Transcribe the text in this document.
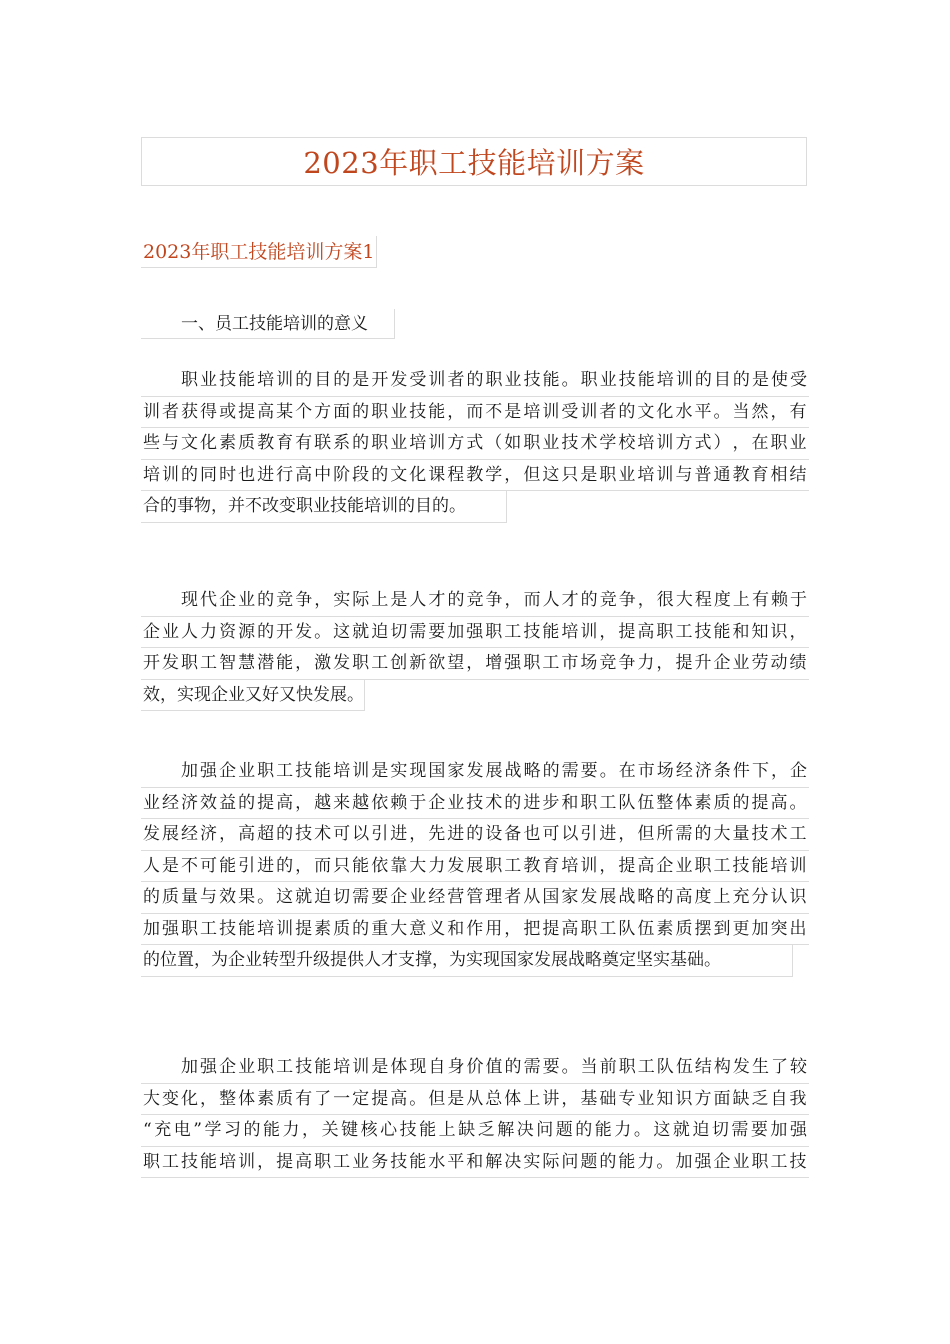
2023年职工技能培训方案
2023年职工技能培训方案1
一、员工技能培训的意义
职 业 技 能 培 训 的 目 的 是 开 发 受 训 者 的 职 业 技 能 。 职 业 技 能 培 训 的 目 的 是 使 受
训 者 获 得 或 提 高 某 个 方 面 的 职 业 技 能 ， 而 不 是 培 训 受 训 者 的 文 化 水 平 。 当 然 ， 有
些 与 文 化 素 质 教 育 有 联 系 的 职 业 培 训 方 式 （ 如 职 业 技 术 学 校 培 训 方 式 ） ， 在 职 业
培 训 的 同 时 也 进 行 高 中 阶 段 的 文 化 课 程 教 学 ， 但 这 只 是 职 业 培 训 与 普 通 教 育 相 结
合的事物，并不改变职业技能培训的目的。
现 代 企 业 的 竞 争 ， 实 际 上 是 人 才 的 竞 争 ， 而 人 才 的 竞 争 ， 很 大 程 度 上 有 赖 于
企 业 人 力 资 源 的 开 发 。 这 就 迫 切 需 要 加 强 职 工 技 能 培 训 ， 提 高 职 工 技 能 和 知 识 ，
开 发 职 工 智 慧 潜 能 ， 激 发 职 工 创 新 欲 望 ， 增 强 职 工 市 场 竞 争 力 ， 提 升 企 业 劳 动 绩
效，实现企业又好又快发展。
加 强 企 业 职 工 技 能 培 训 是 实 现 国 家 发 展 战 略 的 需 要 。 在 市 场 经 济 条 件 下 ， 企
业 经 济 效 益 的 提 高 ， 越 来 越 依 赖 于 企 业 技 术 的 进 步 和 职 工 队 伍 整 体 素 质 的 提 高 。
发 展 经 济 ， 高 超 的 技 术 可 以 引 进 ， 先 进 的 设 备 也 可 以 引 进 ， 但 所 需 的 大 量 技 术 工
人 是 不 可 能 引 进 的 ， 而 只 能 依 靠 大 力 发 展 职 工 教 育 培 训 ， 提 高 企 业 职 工 技 能 培 训
的 质 量 与 效 果 。 这 就 迫 切 需 要 企 业 经 营 管 理 者 从 国 家 发 展 战 略 的 高 度 上 充 分 认 识
加 强 职 工 技 能 培 训 提 素 质 的 重 大 意 义 和 作 用 ， 把 提 高 职 工 队 伍 素 质 摆 到 更 加 突 出
的位置，为企业转型升级提供人才支撑，为实现国家发展战略奠定坚实基础。
加 强 企 业 职 工 技 能 培 训 是 体 现 自 身 价 值 的 需 要 。 当 前 职 工 队 伍 结 构 发 生 了 较
大 变 化 ， 整 体 素 质 有 了 一 定 提 高 。 但 是 从 总 体 上 讲 ， 基 础 专 业 知 识 方 面 缺 乏 自 我
“ 充 电 ” 学 习 的 能 力 ， 关 键 核 心 技 能 上 缺 乏 解 决 问 题 的 能 力 。 这 就 迫 切 需 要 加 强
职 工 技 能 培 训 ， 提 高 职 工 业 务 技 能 水 平 和 解 决 实 际 问 题 的 能 力 。 加 强 企 业 职 工 技
